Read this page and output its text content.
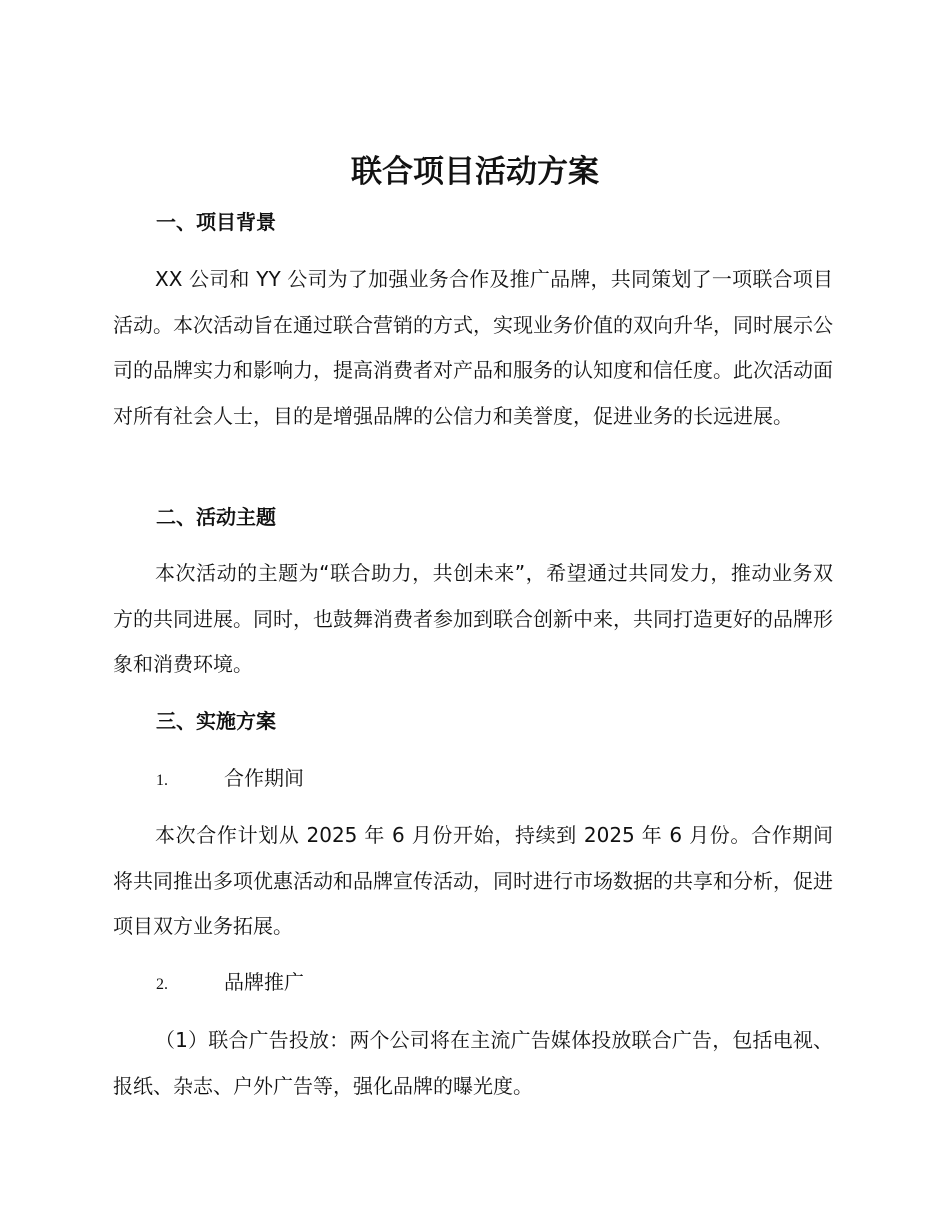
联合项目活动方案
一、项目背景
XX 公司和 YY 公司为了加强业务合作及推广品牌，共同策划了一项联合项目活动。本次活动旨在通过联合营销的方式，实现业务价值的双向升华，同时展示公司的品牌实力和影响力，提高消费者对产品和服务的认知度和信任度。此次活动面对所有社会人士，目的是增强品牌的公信力和美誉度，促进业务的长远进展。
二、活动主题
本次活动的主题为“联合助力，共创未来”，希望通过共同发力，推动业务双方的共同进展。同时，也鼓舞消费者参加到联合创新中来，共同打造更好的品牌形象和消费环境。
三、实施方案
1.	合作期间
本次合作计划从 2025 年 6 月份开始，持续到 2025 年 6 月份。合作期间将共同推出多项优惠活动和品牌宣传活动，同时进行市场数据的共享和分析，促进项目双方业务拓展。
2.	品牌推广
（1）联合广告投放：两个公司将在主流广告媒体投放联合广告，包括电视、报纸、杂志、户外广告等，强化品牌的曝光度。
